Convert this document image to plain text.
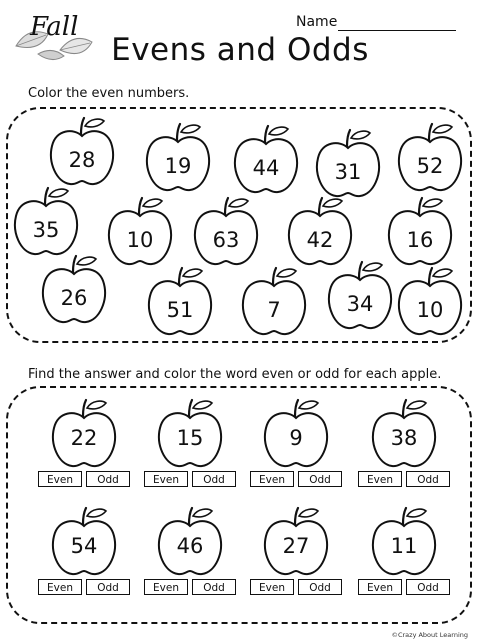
Fall	Name
Evens and Odds
Color the even numbers.
Find the answer and color the word even or odd for each apple.
©Crazy About Learning
28	19	44	31	52
35	10	63	42	16
26	51	7	34	10
22
Even	Odd
15
Even	Odd
9
Even	Odd
38
Even	Odd
54
Even	Odd
46
Even	Odd
27
Even	Odd
11
Even	Odd
